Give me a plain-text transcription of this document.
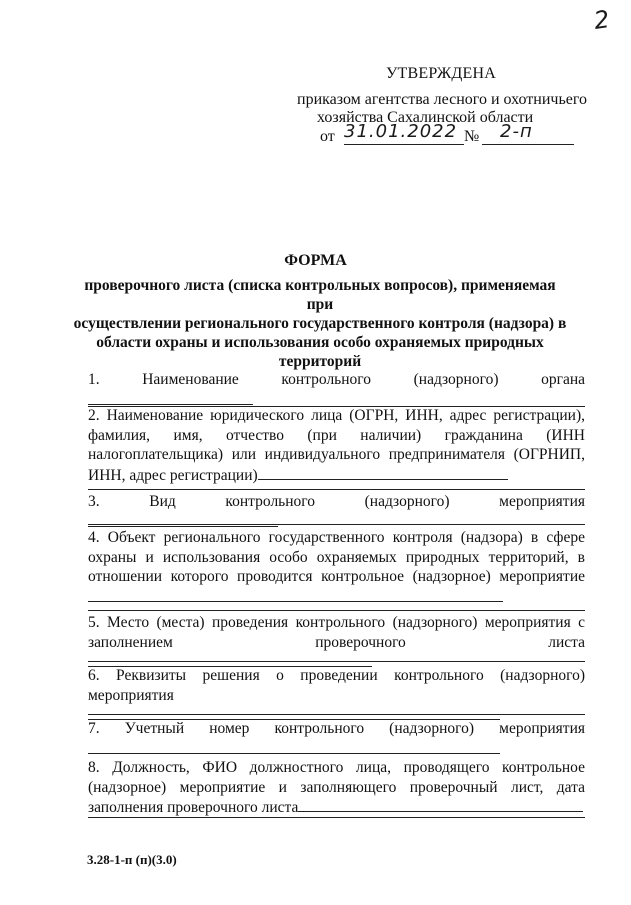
2
УТВЕРЖДЕНА
приказом агентства лесного и охотничьего
хозяйства Сахалинской области
от 31.01.2022 №	2-п
ФОРМА
проверочного листа (списка контрольных вопросов), применяемая при
осуществлении регионального государственного контроля (надзора) в
области охраны и использования особо охраняемых природных
территорий
1. Наименование контрольного (надзорного) органа
2. Наименование юридического лица (ОГРН, ИНН, адрес регистрации), фамилия, имя, отчество (при наличии) гражданина (ИНН налогоплательщика) или индивидуального предпринимателя (ОГРНИП, ИНН, адрес регистрации)
3. Вид контрольного (надзорного) мероприятия
4. Объект регионального государственного контроля (надзора) в сфере охраны и использования особо охраняемых природных территорий, в отношении которого проводится контрольное (надзорное) мероприятие
5. Место (места) проведения контрольного (надзорного) мероприятия с заполнением проверочного листа
6. Реквизиты решения о проведении контрольного (надзорного) мероприятия
7. Учетный номер контрольного (надзорного) мероприятия
8. Должность, ФИО должностного лица, проводящего контрольное (надзорное) мероприятие и заполняющего проверочный лист, дата заполнения проверочного листа
3.28-1-п (п)(3.0)
